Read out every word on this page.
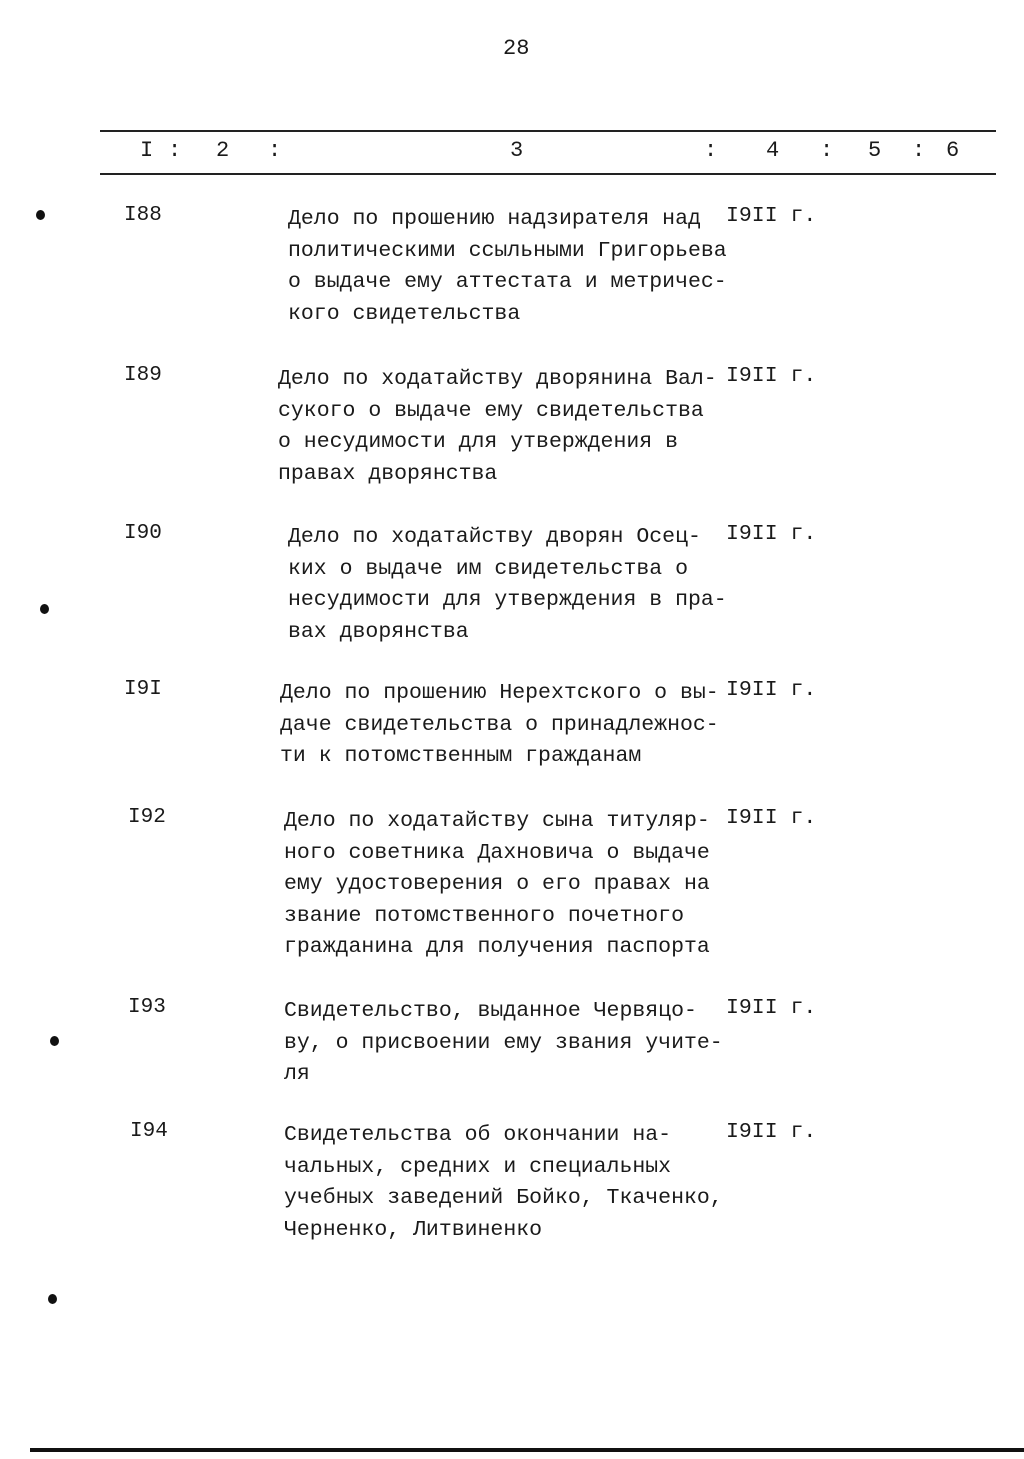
28
I : 2 :	3	: 4 : 5 : 6
I88	Дело по прошению надзирателя над
политическими ссыльными Григорьева
о выдаче ему аттестата и метричес-
кого свидетельства
I9II г.
I89	Дело по ходатайству дворянина Вал-
сукого о выдаче ему свидетельства
о несудимости для утверждения в
правах дворянства
I9II г.
I90	Дело по ходатайству дворян Осец-
ких о выдаче им свидетельства о
несудимости для утверждения в пра-
вах дворянства
I9II г.
I9I	Дело по прошению Нерехтского о вы-
даче свидетельства о принадлежнос-
ти к потомственным гражданам
I9II г.
I92	Дело по ходатайству сына титуляр-
ного советника Дахновича о выдаче
ему удостоверения о его правах на
звание потомственного почетного
гражданина для получения паспорта
I9II г.
I93	Свидетельство, выданное Червяцо-
ву, о присвоении ему звания учите-
ля
I9II г.
I94	Свидетельства об окончании на-
чальных, средних и специальных
учебных заведений Бойко, Ткаченко,
Черненко, Литвиненко
I9II г.
